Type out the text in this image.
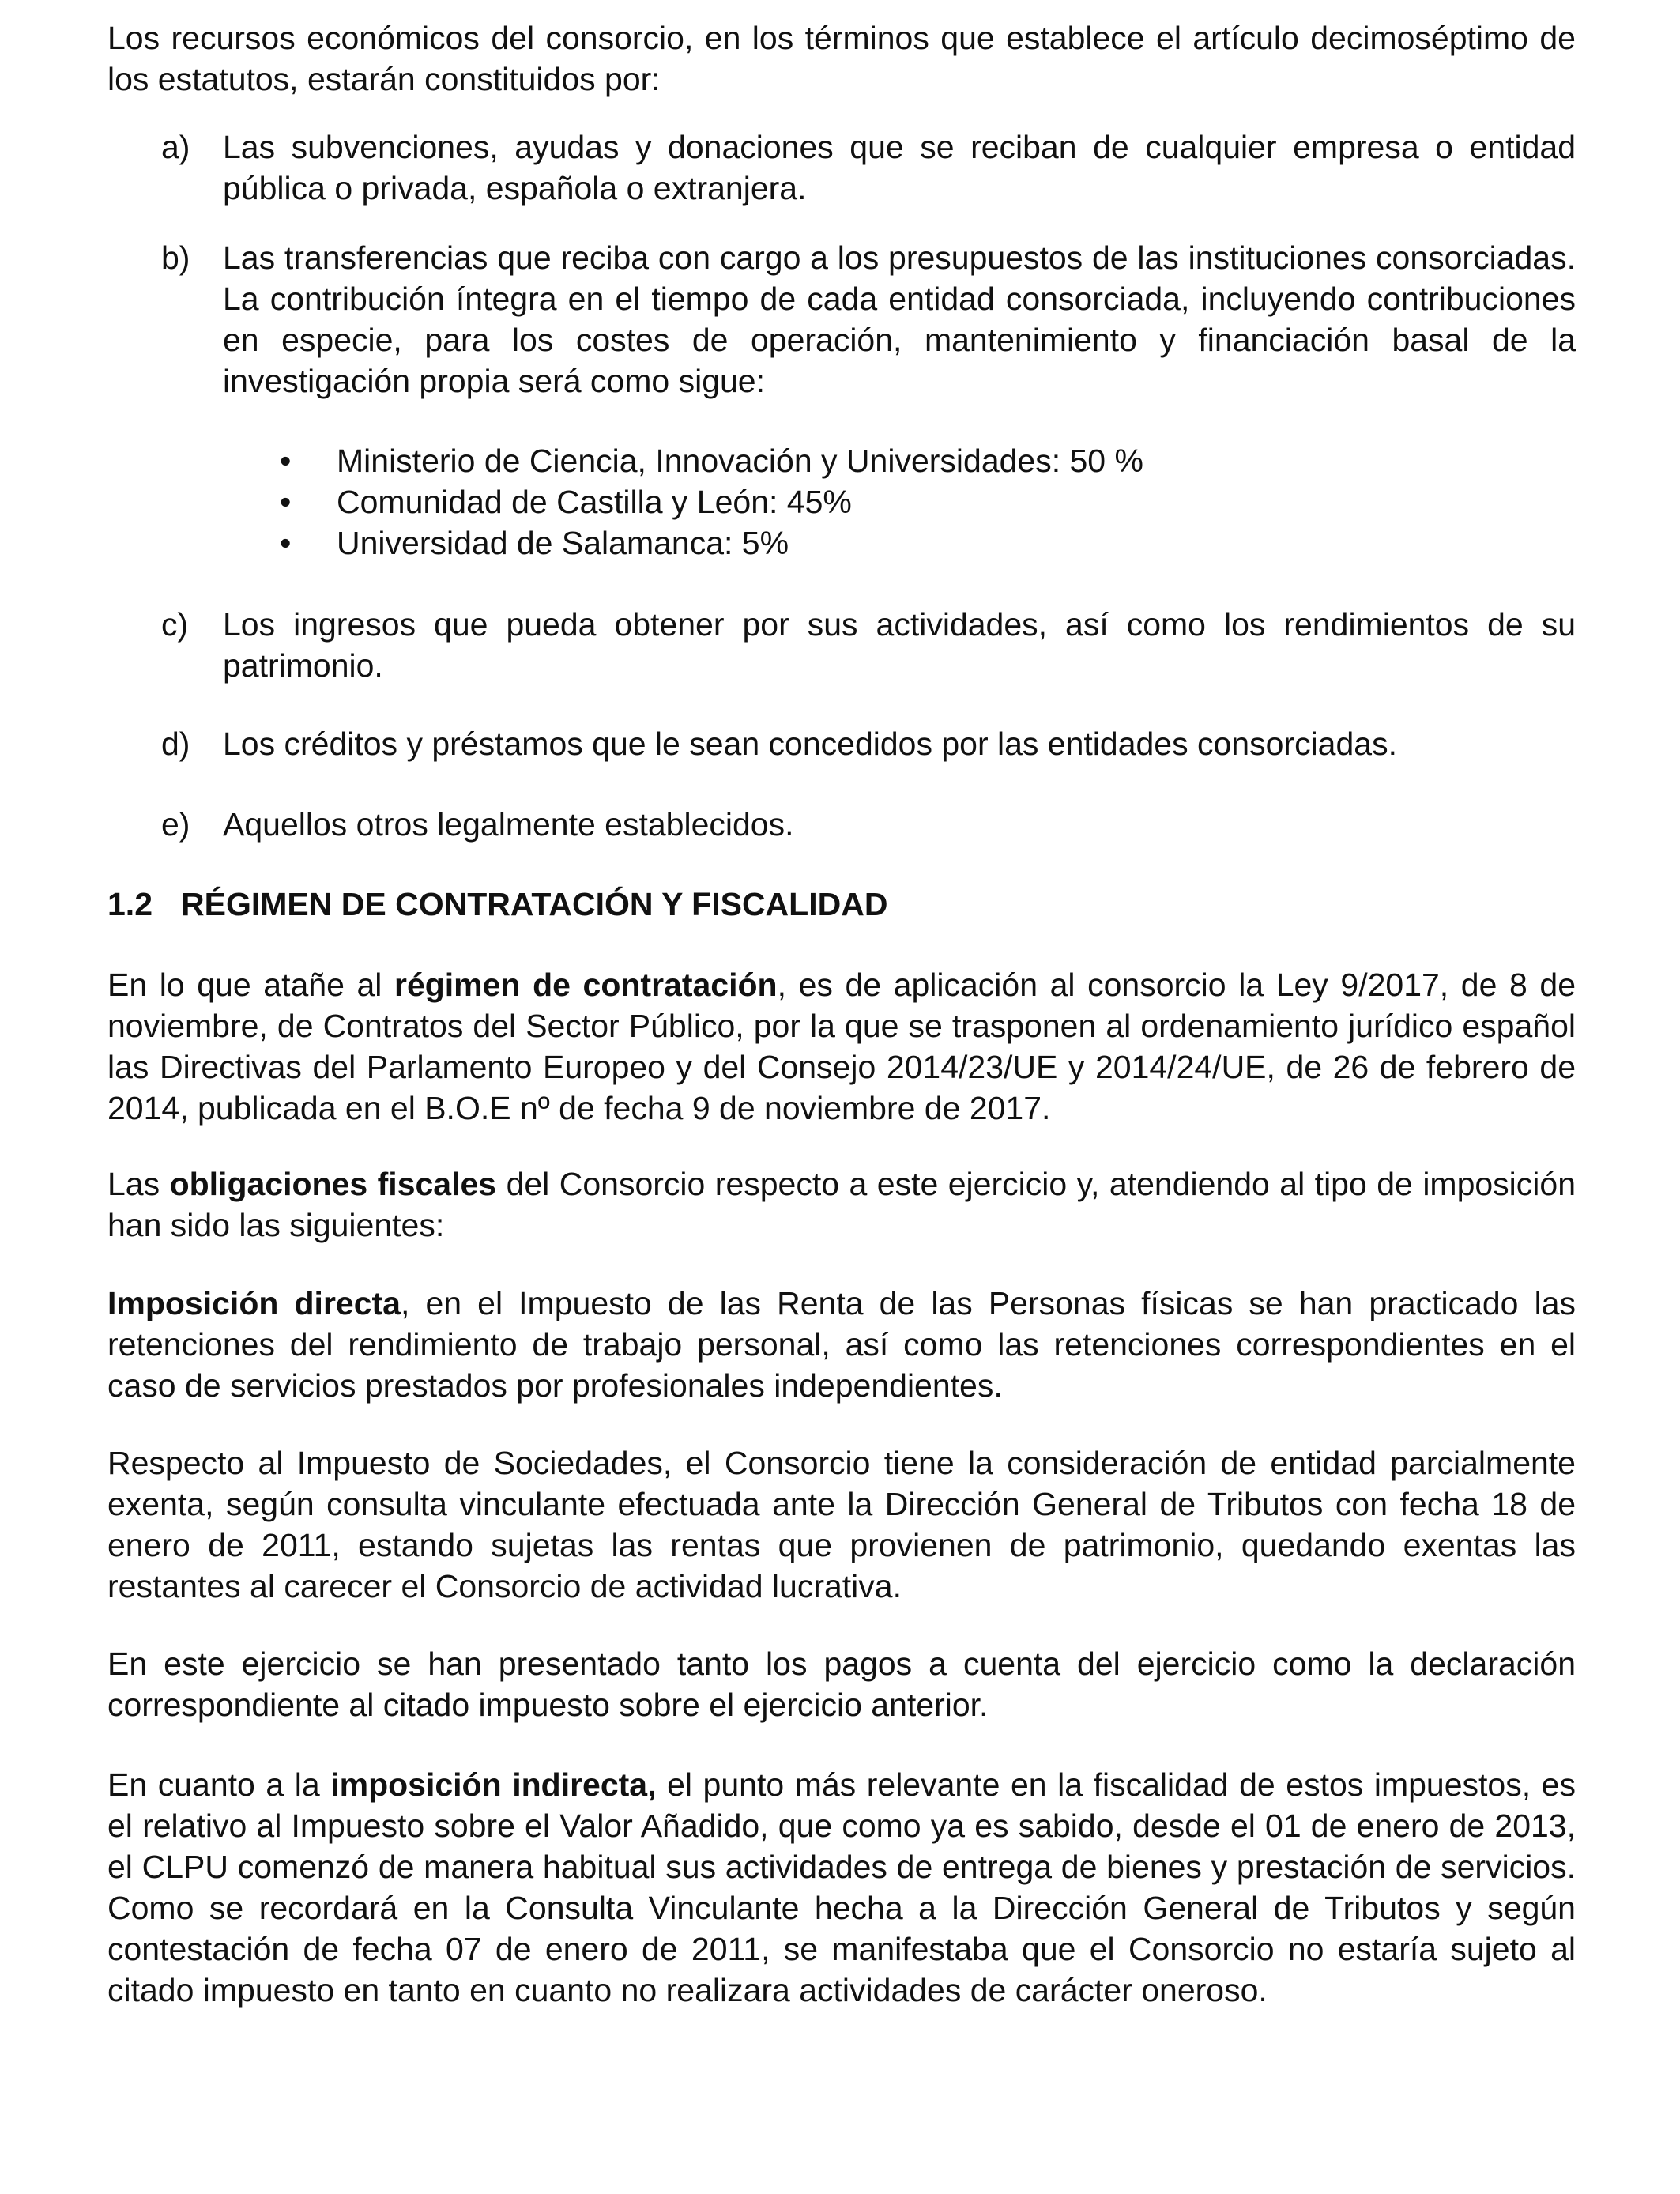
Los recursos económicos del consorcio, en los términos que establece el artículo decimoséptimo de los estatutos, estarán constituidos por:

a) Las subvenciones, ayudas y donaciones que se reciban de cualquier empresa o entidad pública o privada, española o extranjera.
b) Las transferencias que reciba con cargo a los presupuestos de las instituciones consorciadas. La contribución íntegra en el tiempo de cada entidad consorciada, incluyendo contribuciones en especie, para los costes de operación, mantenimiento y financiación basal de la investigación propia será como sigue:
• Ministerio de Ciencia, Innovación y Universidades: 50 %
• Comunidad de Castilla y León: 45%
• Universidad de Salamanca: 5%
c) Los ingresos que pueda obtener por sus actividades, así como los rendimientos de su patrimonio.
d) Los créditos y préstamos que le sean concedidos por las entidades consorciadas.
e) Aquellos otros legalmente establecidos.
1.2 RÉGIMEN DE CONTRATACIÓN Y FISCALIDAD

En lo que atañe al régimen de contratación, es de aplicación al consorcio la Ley 9/2017, de 8 de noviembre, de Contratos del Sector Público, por la que se trasponen al ordenamiento jurídico español las Directivas del Parlamento Europeo y del Consejo 2014/23/UE y 2014/24/UE, de 26 de febrero de 2014, publicada en el B.O.E nº de fecha 9 de noviembre de 2017.

Las obligaciones fiscales del Consorcio respecto a este ejercicio y, atendiendo al tipo de imposición han sido las siguientes:

Imposición directa, en el Impuesto de las Renta de las Personas físicas se han practicado las retenciones del rendimiento de trabajo personal, así como las retenciones correspondientes en el caso de servicios prestados por profesionales independientes.

Respecto al Impuesto de Sociedades, el Consorcio tiene la consideración de entidad parcialmente exenta, según consulta vinculante efectuada ante la Dirección General de Tributos con fecha 18 de enero de 2011, estando sujetas las rentas que provienen de patrimonio, quedando exentas las restantes al carecer el Consorcio de actividad lucrativa.

En este ejercicio se han presentado tanto los pagos a cuenta del ejercicio como la declaración correspondiente al citado impuesto sobre el ejercicio anterior.

En cuanto a la imposición indirecta, el punto más relevante en la fiscalidad de estos impuestos, es el relativo al Impuesto sobre el Valor Añadido, que como ya es sabido, desde el 01 de enero de 2013, el CLPU comenzó de manera habitual sus actividades de entrega de bienes y prestación de servicios. Como se recordará en la Consulta Vinculante hecha a la Dirección General de Tributos y según contestación de fecha 07 de enero de 2011, se manifestaba que el Consorcio no estaría sujeto al citado impuesto en tanto en cuanto no realizara actividades de carácter oneroso.
